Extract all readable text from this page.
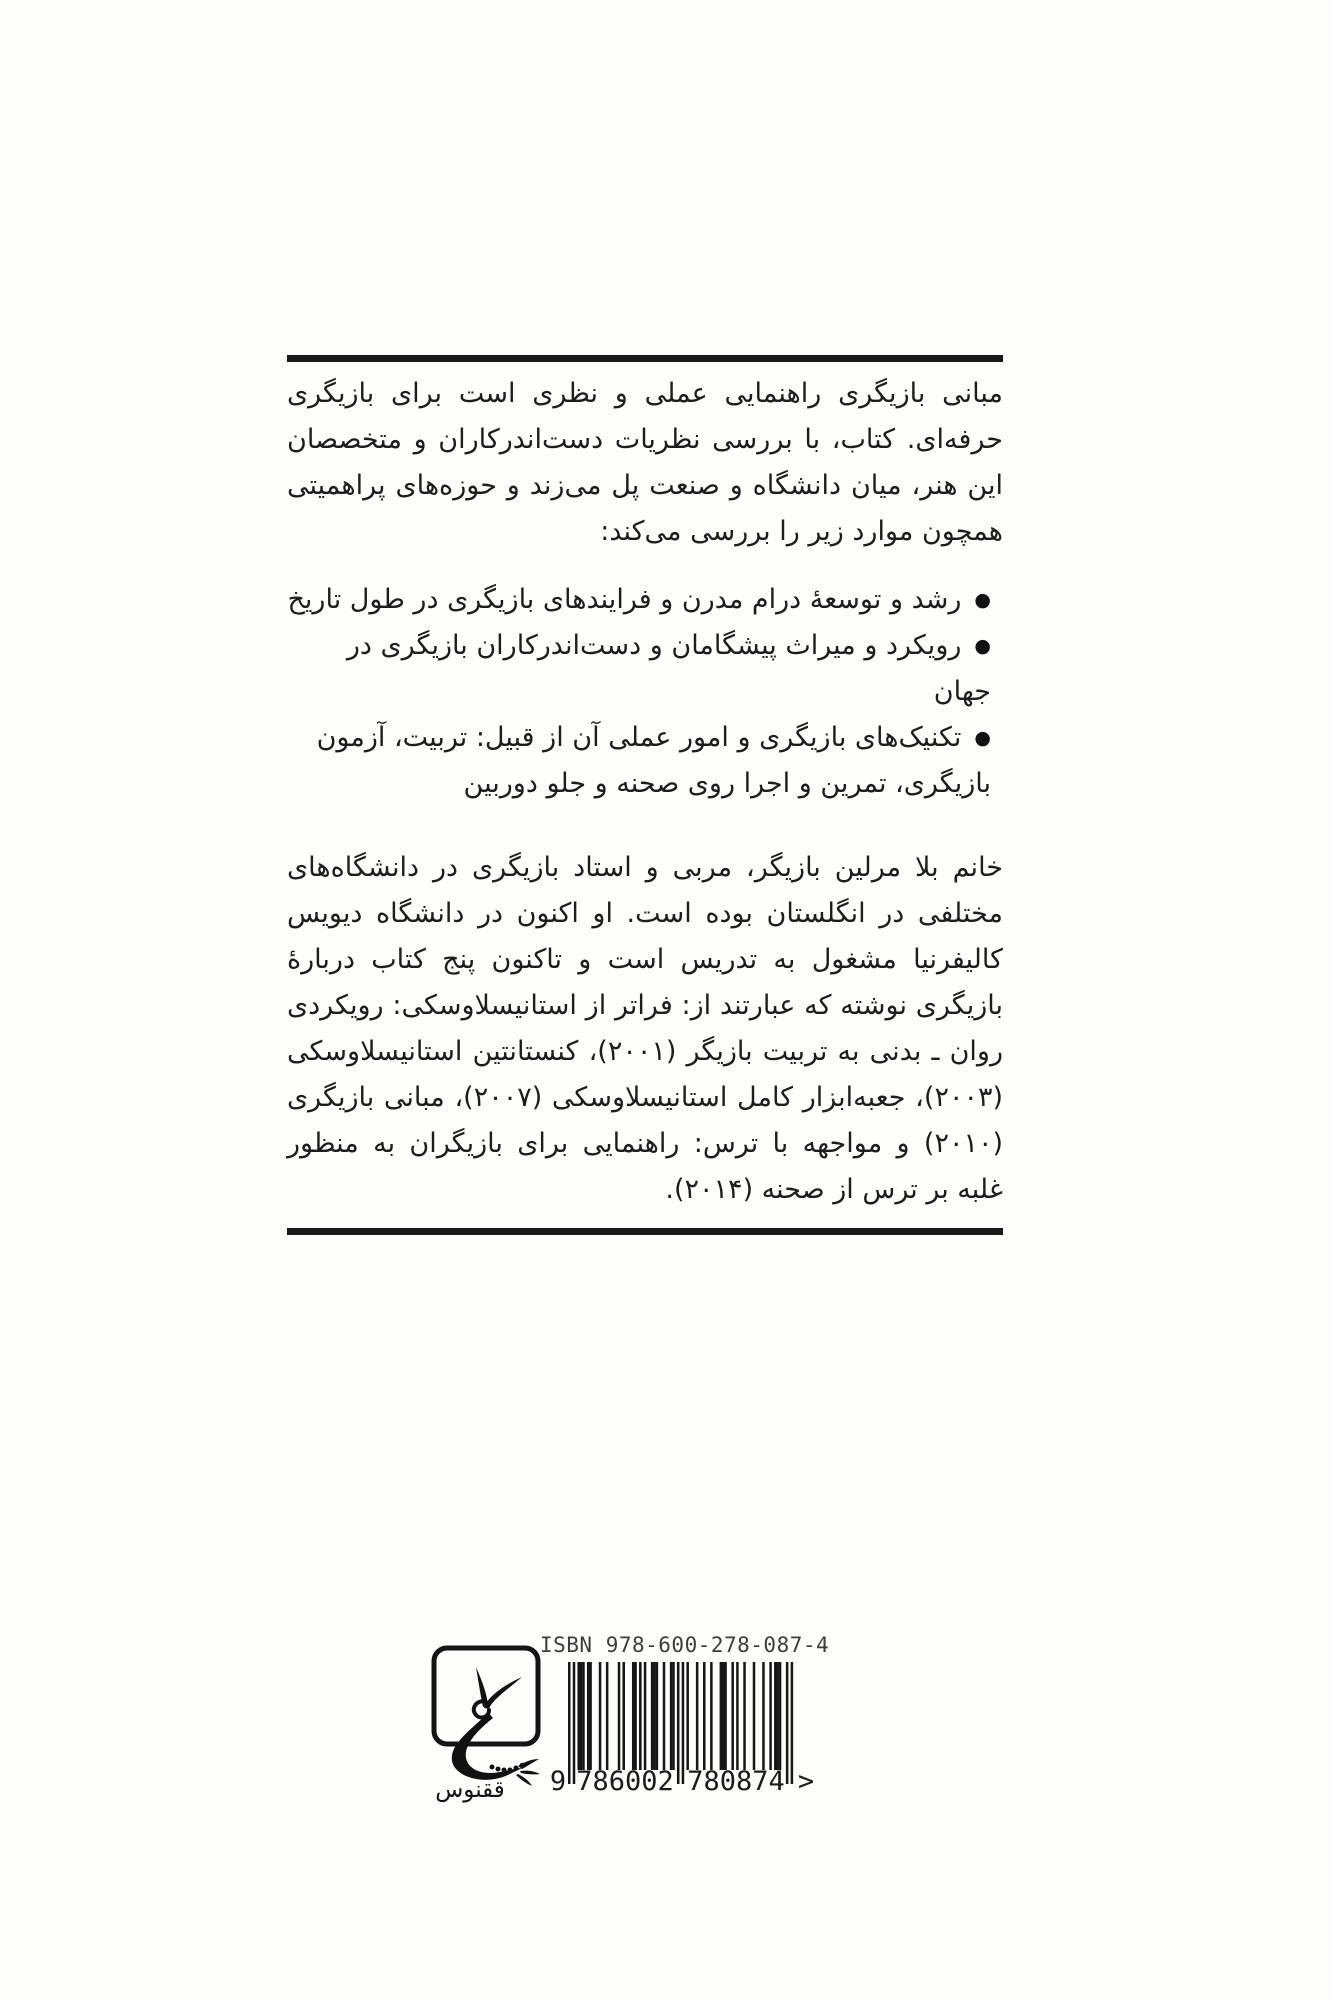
مبانی بازیگری راهنمایی عملی و نظری است برای بازیگری حرفه‌ای. کتاب، با بررسی نظریات دست‌اندرکاران و متخصصان این هنر، میان دانشگاه و صنعت پل می‌زند و حوزه‌های پراهمیتی همچون موارد زیر را بررسی می‌کند:

●رشد و توسعۀ درام مدرن و فرایندهای بازیگری در طول تاریخ
●رویکرد و میراث پیشگامان و دست‌اندرکاران بازیگری در جهان
●تکنیک‌های بازیگری و امور عملی آن از قبیل: تربیت، آزمون بازیگری، تمرین و اجرا روی صحنه و جلو دوربین

خانم بلا مرلین بازیگر، مربی و استاد بازیگری در دانشگاه‌های مختلفی در انگلستان بوده است. او اکنون در دانشگاه دیویس کالیفرنیا مشغول به تدریس است و تاکنون پنج کتاب دربارۀ بازیگری نوشته که عبارتند از: فراتر از استانیسلاوسکی: رویکردی روان ـ بدنی به تربیت بازیگر (۲۰۰۱)، کنستانتین استانیسلاوسکی (۲۰۰۳)، جعبه‌ابزار کامل استانیسلاوسکی (۲۰۰۷)، مبانی بازیگری (۲۰۱۰) و مواجهه با ترس: راهنمایی برای بازیگران به منظور غلبه بر ترس از صحنه (۲۰۱۴).

ققنوس
ISBN 978-600-278-087-4
9 786002 780874 >
